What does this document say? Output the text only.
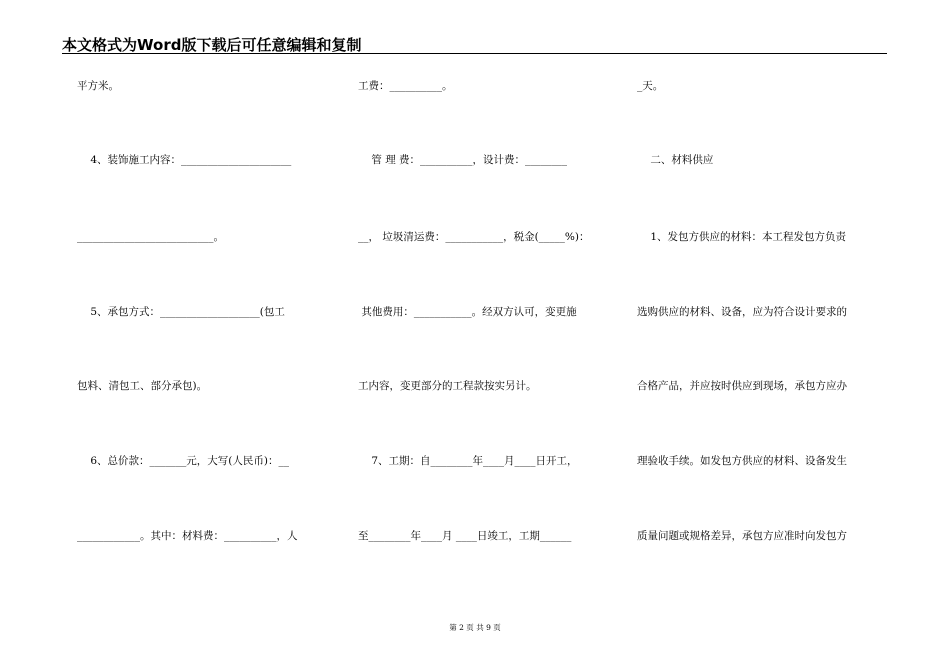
本文格式为Word版下载后可任意编辑和复制
平方米。
4、装饰施工内容：_____________________
__________________________。
5、承包方式：___________________(包工
包料、清包工、部分承包)。
6、总价款：_______元，大写(人民币)：__
____________。其中：材料费：__________，人
工费：__________。
管 理 费：__________，设计费：________
__， 垃圾清运费：___________，税金(_____%)：
其他费用：___________。经双方认可，变更施
工内容，变更部分的工程款按实另计。
7、工期：自________年____月____日开工，
至________年____月 ____日竣工，工期______
_天。
二、材料供应
1、发包方供应的材料：本工程发包方负责
选购供应的材料、设备，应为符合设计要求的
合格产品，并应按时供应到现场，承包方应办
理验收手续。如发包方供应的材料、设备发生
质量问题或规格差异，承包方应准时向发包方
第 2 页 共 9 页
